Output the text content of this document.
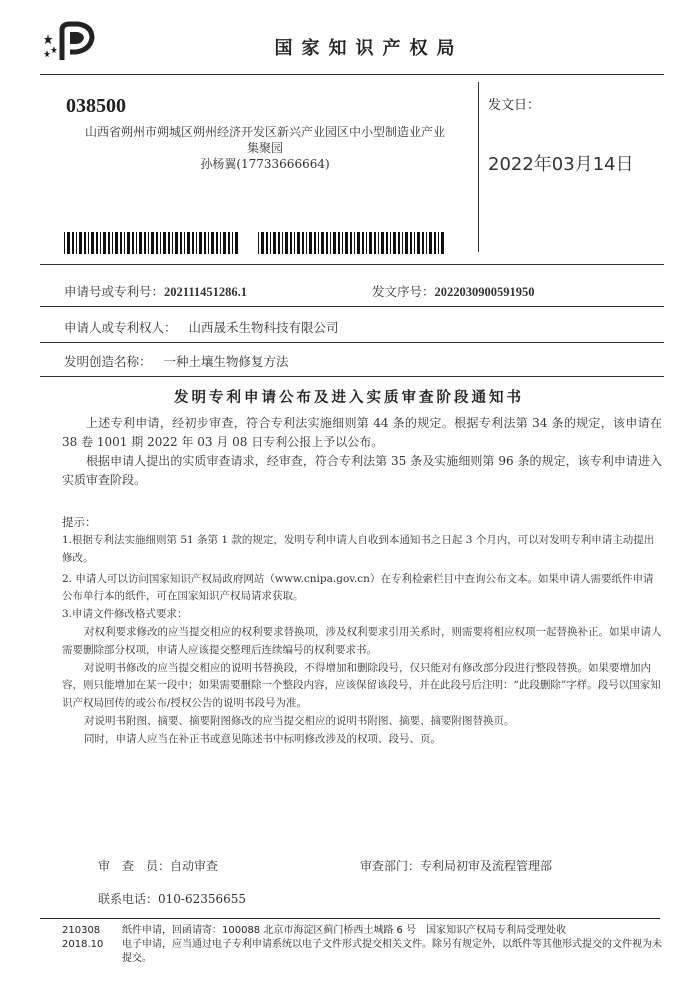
国家知识产权局
038500
山西省朔州市朔城区朔州经济开发区新兴产业园区中小型制造业产业
集聚园
孙杨翼(17733666664)
发文日：
2022年03月14日
申请号或专利号：202111451286.1	发文序号：2022030900591950
申请人或专利权人： 山西晟禾生物科技有限公司
发明创造名称： 一种土壤生物修复方法
发明专利申请公布及进入实质审查阶段通知书

上述专利申请，经初步审查，符合专利法实施细则第 44 条的规定。根据专利法第 34 条的规定，该申请在 38 卷 1001 期 2022 年 03 月 08 日专利公报上予以公布。

根据申请人提出的实质审查请求，经审查，符合专利法第 35 条及实施细则第 96 条的规定，该专利申请进入实质审查阶段。

提示：

1.根据专利法实施细则第 51 条第 1 款的规定，发明专利申请人自收到本通知书之日起 3 个月内，可以对发明专利申请主动提出修改。

2. 申请人可以访问国家知识产权局政府网站（www.cnipa.gov.cn）在专利检索栏目中查询公布文本。如果申请人需要纸件申请公布单行本的纸件，可在国家知识产权局请求获取。

3.申请文件修改格式要求：

对权利要求修改的应当提交相应的权利要求替换项，涉及权利要求引用关系时，则需要将相应权项一起替换补正。如果申请人需要删除部分权项，申请人应该提交整理后连续编号的权利要求书。

对说明书修改的应当提交相应的说明书替换段，不得增加和删除段号，仅只能对有修改部分段进行整段替换。如果要增加内容，则只能增加在某一段中；如果需要删除一个整段内容，应该保留该段号，并在此段号后注明：“此段删除”字样。段号以国家知识产权局回传的或公布/授权公告的说明书段号为准。

对说明书附图、摘要、摘要附图修改的应当提交相应的说明书附图、摘要、摘要附图替换页。

同时，申请人应当在补正书或意见陈述书中标明修改涉及的权项、段号、页。

审　查　员：自动审查	审查部门：专利局初审及流程管理部
联系电话：010-62356655
210308
2018.10

纸件申请，回函请寄：100088 北京市海淀区蓟门桥西土城路 6 号　国家知识产权局专利局受理处收

电子申请，应当通过电子专利申请系统以电子文件形式提交相关文件。除另有规定外，以纸件等其他形式提交的文件视为未提交。
